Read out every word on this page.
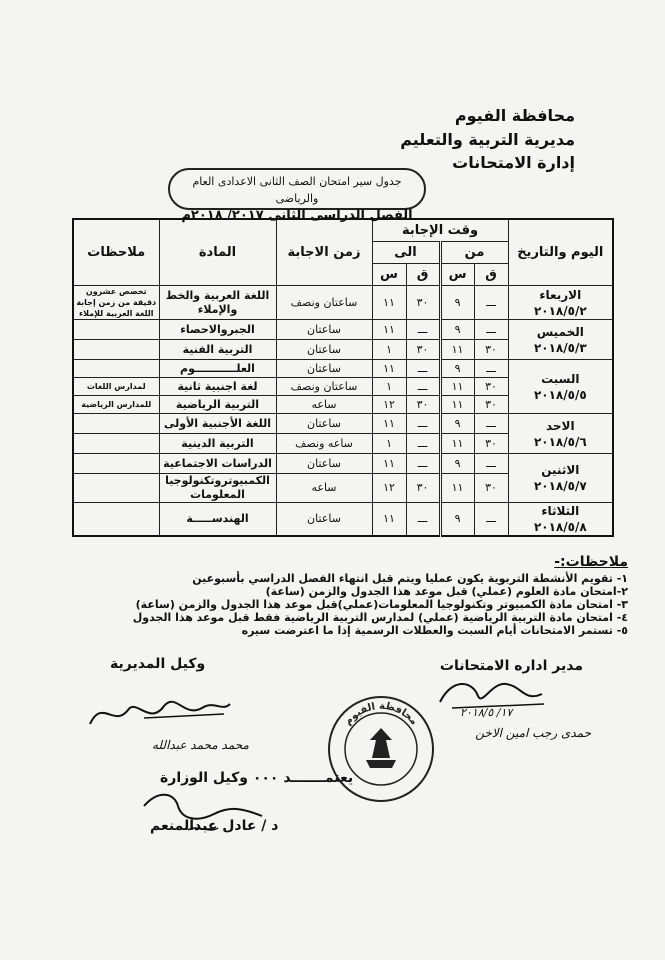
محافظة الفيوم
مديرية التربية والتعليم
إدارة الامتحانات
جدول سير امتحان الصف الثانى الاعدادى العام والرياضى
الفصل الدراسى الثانى ٢٠١٧/ ٢٠١٨م
اليوم والتاريخ	وقت الإجابة				زمن الاجابة	المادة	ملاحظات
	من		الى				
	ق	س	ق	س			

الاربعاء
٢٠١٨/٥/٢	ـــ	٩	٣٠	١١	ساعتان ونصف	اللغة العربية والخط والإملاء	تخصص عشرون دقيقة من زمن إجابة اللغة العربية للإملاء

الخميس
٢٠١٨/٥/٣	ـــ	٩	ـــ	١١	ساعتان	الجبروالاحصاء	
	٣٠	١١	٣٠	١	ساعتان	التربية الفنية	

السبت
٢٠١٨/٥/٥	ـــ	٩	ـــ	١١	ساعتان	العلـــــــــــوم	
	٣٠	١١	ـــ	١	ساعتان ونصف	لغة اجنبية ثانية	لمدارس اللغات
	٣٠	١١	٣٠	١٢	ساعه	التربية الرياضية	للمدارس الرياضية

الاحد
٢٠١٨/٥/٦	ـــ	٩	ـــ	١١	ساعتان	اللغة الأجنبية الأولى	
	٣٠	١١	ـــ	١	ساعه ونصف	التربية الدينية	

الاثنين
٢٠١٨/٥/٧	ـــ	٩	ـــ	١١	ساعتان	الدراسات الاجتماعية	
	٣٠	١١	٣٠	١٢	ساعه	الكمبيوتروتكنولوجيا المعلومات	

الثلاثاء
٢٠١٨/٥/٨	ـــ	٩	ـــ	١١	ساعتان	الهندســـــة	
ملاحظات:-
١- تقويم الأنشطة التربوية يكون عمليا ويتم قبل انتهاء الفصل الدراسي بأسبوعين
٢-امتحان مادة العلوم (عملي) قبل موعد هذا الجدول والزمن (ساعة)
٣- امتحان مادة الكمبيوتر وتكنولوجيا المعلومات(عملي)قبل موعد هذا الجدول والزمن (ساعة)
٤- امتحان مادة التربية الرياضية (عملي) لمدارس التربية الرياضية فقط قبل موعد هذا الجدول
٥- تستمر الامتحانات أيام السبت والعطلات الرسمية إذا ما اعترضت سيره
مدير اداره الامتحانات
١٧/ ٢٠١٨/٥
حمدى رجب امين الاخن
وكيل المديرية
محمد محمد عبدالله
يعتمـــــــد ٠٠٠ وكيل الوزارة
د / عادل عبدالمنعم
محافظة الفيوم
